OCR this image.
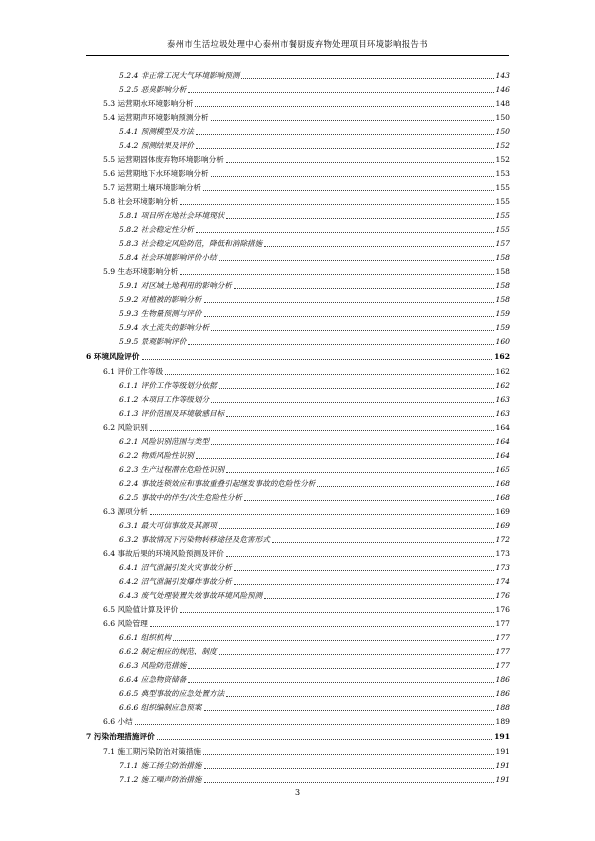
泰州市生活垃圾处理中心泰州市餐厨废弃物处理项目环境影响报告书
5.2.4 非正常工况大气环境影响预测	143
5.2.5 恶臭影响分析	146
5.3 运营期水环境影响分析	148
5.4 运营期声环境影响预测分析	150
5.4.1 预测模型及方法	150
5.4.2 预测结果及评价	152
5.5 运营期固体废弃物环境影响分析	152
5.6 运营期地下水环境影响分析	153
5.7 运营期土壤环境影响分析	155
5.8 社会环境影响分析	155
5.8.1 项目所在地社会环境现状	155
5.8.2 社会稳定性分析	155
5.8.3 社会稳定风险防范，降低和消除措施	157
5.8.4 社会环境影响评价小结	158
5.9 生态环境影响分析	158
5.9.1 对区域土地利用的影响分析	158
5.9.2 对植被的影响分析	158
5.9.3 生物量预测与评价	159
5.9.4 水土流失的影响分析	159
5.9.5 景观影响评价	160
6 环境风险评价	162
6.1 评价工作等级	162
6.1.1 评价工作等级划分依据	162
6.1.2 本项目工作等级划分	163
6.1.3 评价范围及环境敏感目标	163
6.2 风险识别	164
6.2.1 风险识别范围与类型	164
6.2.2 物质风险性识别	164
6.2.3 生产过程潜在危险性识别	165
6.2.4 事故连锁效应和事故重叠引起继发事故的危险性分析	168
6.2.5 事故中的伴生/次生危险性分析	168
6.3 源项分析	169
6.3.1 最大可信事故及其源项	169
6.3.2 事故情况下污染物转移途径及危害形式	172
6.4 事故后果的环境风险预测及评价	173
6.4.1 沼气泄漏引发火灾事故分析	173
6.4.2 沼气泄漏引发爆炸事故分析	174
6.4.3 废气处理装置失效事故环境风险预测	176
6.5 风险值计算及评价	176
6.6 风险管理	177
6.6.1 组织机构	177
6.6.2 制定相应的规范、制度	177
6.6.3 风险防范措施	177
6.6.4 应急物资储备	186
6.6.5 典型事故的应急处置方法	186
6.6.6 组织编制应急预案	188
6.6 小结	189
7 污染治理措施评价	191
7.1 施工期污染防治对策措施	191
7.1.1 施工扬尘防治措施	191
7.1.2 施工噪声防治措施	191
3
